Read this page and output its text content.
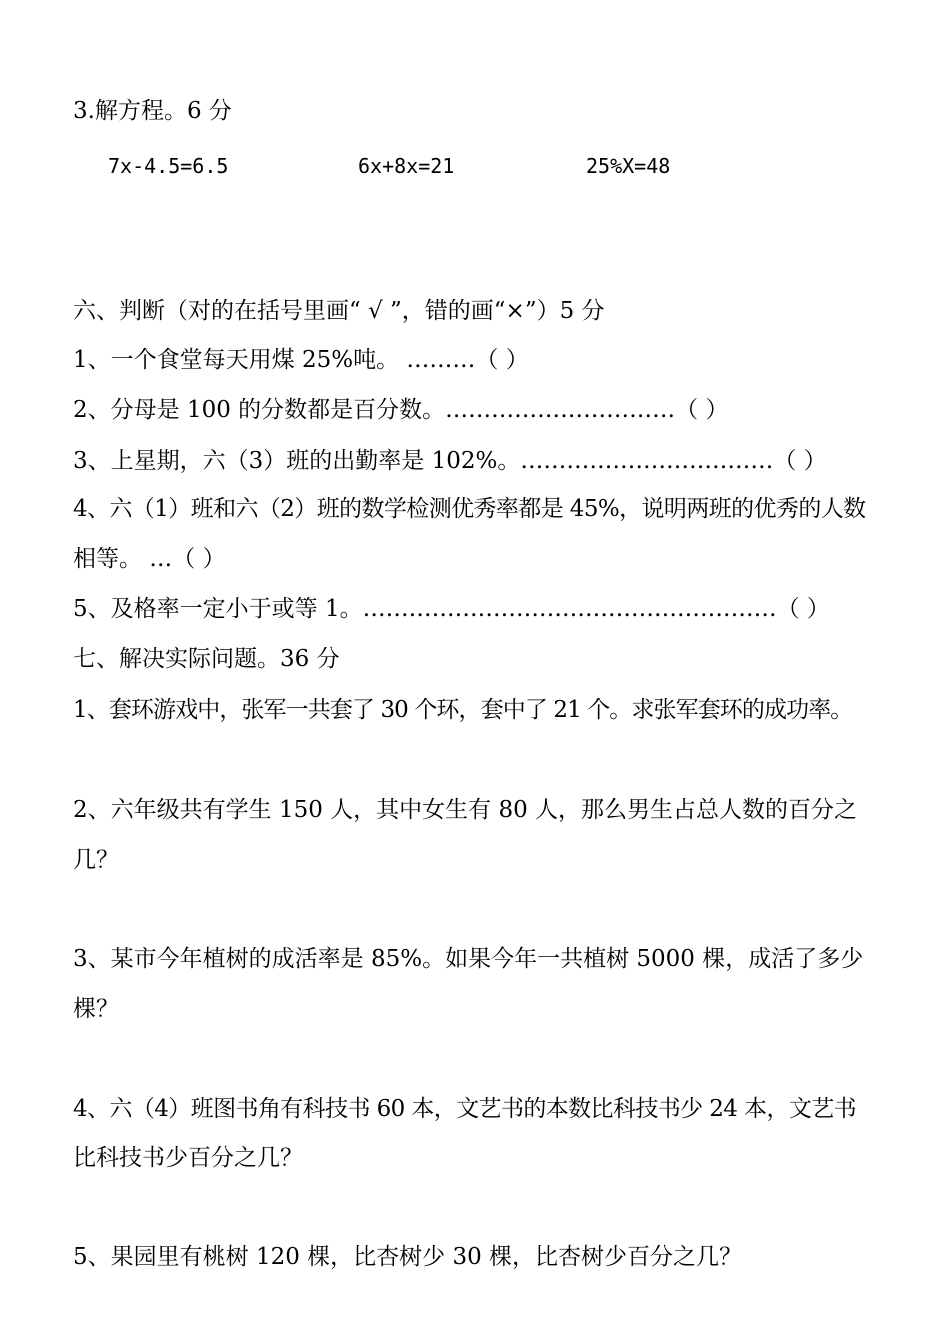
3.解方程。6 分
7x-4.5=6.5	6x+8x=21	25%X=48
六、判断（对的在括号里画“ √ ”，错的画“×”）5 分
1、一个食堂每天用煤 25%吨。 ………（ ）
2、分母是 100 的分数都是百分数。…………………………（ ）
3、上星期，六（3）班的出勤率是 102%。……………………………（ ）
4、六（1）班和六（2）班的数学检测优秀率都是 45%，说明两班的优秀的人数
相等。 …（ ）
5、及格率一定小于或等 1。………………………………………………（ ）
七、解决实际问题。36 分
1、套环游戏中，张军一共套了 30 个环，套中了 21 个。求张军套环的成功率。
2、六年级共有学生 150 人，其中女生有 80 人，那么男生占总人数的百分之
几？
3、某市今年植树的成活率是 85%。如果今年一共植树 5000 棵，成活了多少
棵？
4、六（4）班图书角有科技书 60 本，文艺书的本数比科技书少 24 本，文艺书
比科技书少百分之几？
5、果园里有桃树 120 棵，比杏树少 30 棵，比杏树少百分之几？
